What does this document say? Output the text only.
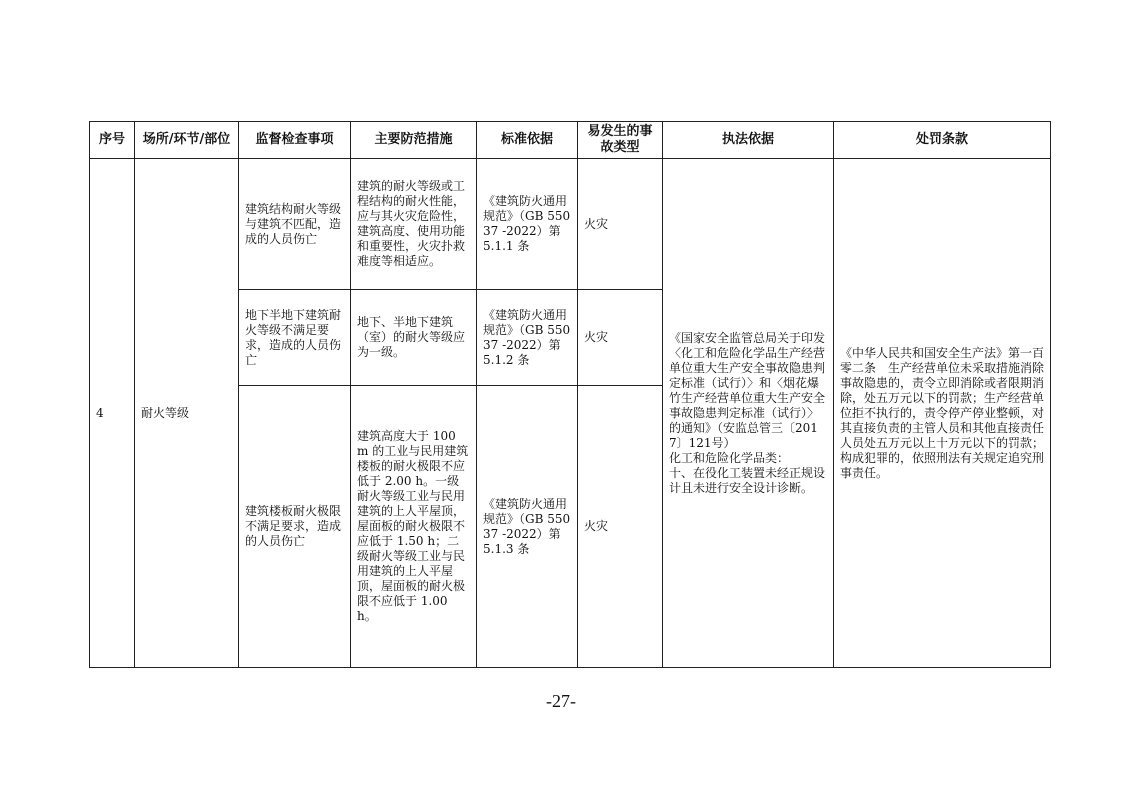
序号	场所/环节/部位	监督检查事项	主要防范措施	标准依据	易发生的事故类型	执法依据	处罚条款
4	耐火等级	建筑结构耐火等级与建筑不匹配，造成的人员伤亡	建筑的耐火等级或工程结构的耐火性能，应与其火灾危险性，建筑高度、使用功能和重要性，火灾扑救难度等相适应。	《建筑防火通用规范》（GB 55037 -2022）第 5.1.1 条	火灾	《国家安全监管总局关于印发〈化工和危险化学品生产经营单位重大生产安全事故隐患判定标准（试行）〉和〈烟花爆竹生产经营单位重大生产安全事故隐患判定标准（试行）〉的通知》（安监总管三〔2017〕121号）
化工和危险化学品类：
十、在役化工装置未经正规设计且未进行安全设计诊断。	《中华人民共和国安全生产法》第一百零二条　生产经营单位未采取措施消除事故隐患的，责令立即消除或者限期消除，处五万元以下的罚款；生产经营单位拒不执行的，责令停产停业整顿，对其直接负责的主管人员和其他直接责任人员处五万元以上十万元以下的罚款；构成犯罪的，依照刑法有关规定追究刑事责任。
		地下半地下建筑耐火等级不满足要求，造成的人员伤亡	地下、半地下建筑（室）的耐火等级应为一级。	《建筑防火通用规范》（GB 55037 -2022）第 5.1.2 条	火灾		
		建筑楼板耐火极限不满足要求，造成的人员伤亡	建筑高度大于 100 m 的工业与民用建筑楼板的耐火极限不应低于 2.00 h。一级耐火等级工业与民用建筑的上人平屋顶，屋面板的耐火极限不应低于 1.50 h；二级耐火等级工业与民用建筑的上人平屋顶，屋面板的耐火极限不应低于 1.00 h。	《建筑防火通用规范》（GB 55037 -2022）第 5.1.3 条	火灾		
-27-
